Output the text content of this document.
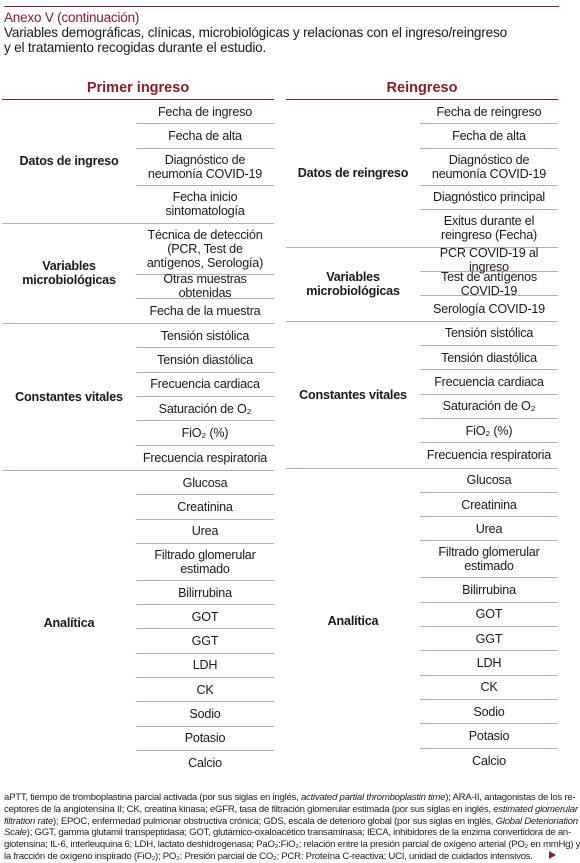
Anexo V (continuación)
Variables demográficas, clínicas, microbiológicas y relacionas con el ingreso/reingreso
y el tratamiento recogidas durante el estudio.
Primer ingreso
Datos de ingreso
Fecha de ingreso
Fecha de alta
Diagnóstico de neumonía COVID-19
Fecha inicio sintomatología
Variables microbiológicas
Técnica de detección (PCR, Test de antígenos, Serología)
Otras muestras obtenidas
Fecha de la muestra
Constantes vitales
Tensión sistólica
Tensión diastólica
Frecuencia cardiaca
Saturación de O₂
FiO₂ (%)
Frecuencia respiratoria
Analítica
Glucosa
Creatinina
Urea
Filtrado glomerular estimado
Bilirrubina
GOT
GGT
LDH
CK
Sodio
Potasio
Calcio
Reingreso
Datos de reingreso
Fecha de reingreso
Fecha de alta
Diagnóstico de neumonía COVID-19
Diagnóstico principal
Exitus durante el reingreso (Fecha)
Variables microbiológicas
PCR COVID-19 al ingreso
Test de antígenos COVID-19
Serología COVID-19
Constantes vitales
Tensión sistólica
Tensión diastólica
Frecuencia cardiaca
Saturación de O₂
FiO₂ (%)
Frecuencia respiratoria
Analítica
Glucosa
Creatinina
Urea
Filtrado glomerular estimado
Bilirrubina
GOT
GGT
LDH
CK
Sodio
Potasio
Calcio
aPTT, tiempo de tromboplastina parcial activada (por sus siglas en inglés, activated partial thromboplastin time); ARA-II, antagonistas de los re-
ceptores de la angiotensina II; CK, creatina kinasa; eGFR, tasa de filtración glomerular estimada (por sus siglas en inglés, estimated glomerular
filtration rate); EPOC, enfermedad pulmonar obstructiva crónica; GDS, escala de deterioro global (por sus siglas en inglés, Global Deterioriation
Scale); GGT, gamma glutamil transpeptidasa; GOT, glutámico-oxaloacético transaminasa; IECA, inhibidores de la enzima convertidora de an-
giotensina; IL-6, interleuquina 6; LDH, lactato deshidrogenasa; PaO₂:FiO₂; relación entre la presión parcial de oxígeno arterial (PO₂ en mmHg) y
la fracción de oxígeno inspirado (FiO₂); PO₂: Presión parcial de CO₂; PCR: Proteína C-reactiva; UCI, unidad de cuidados intensivos.
